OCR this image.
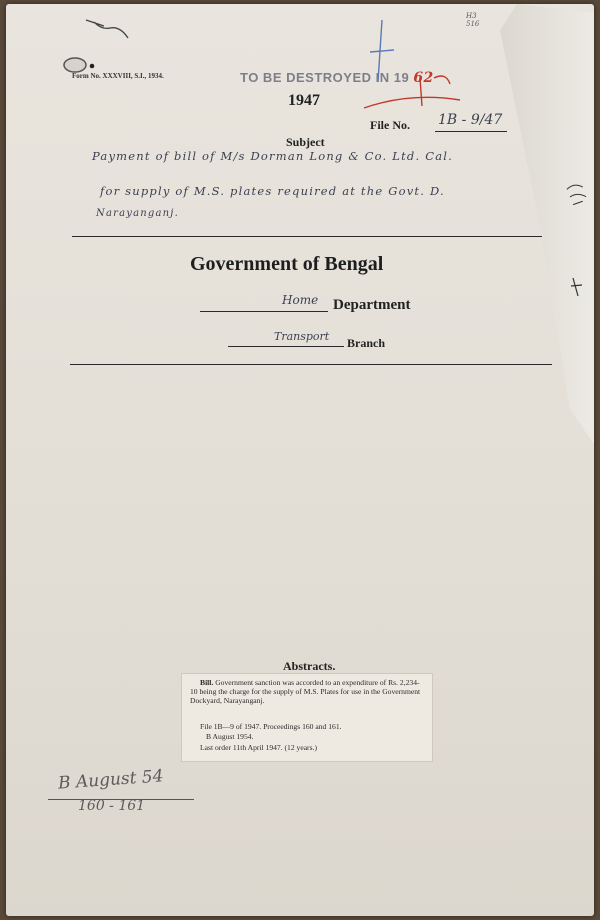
Form No. XXXVIII, S.I., 1934.	TO BE DESTROYED IN 19 62
H3
516
1947
File No. 1B - 9/47
Subject
Payment of bill of M/s Dorman Long & Co. Ltd. Cal.
for supply of M.S. plates required at the Govt. D.
Narayanganj.
Government of Bengal
Home Department
Transport Branch
Abstracts.

Bill. Government sanction was accorded to an expenditure of Rs. 2,234-10 being the charge for the supply of M.S. Plates for use in the Government Dockyard, Narayanganj.

File 1B—9 of 1947. Proceedings 160 and 161.

B August 1954.

Last order 11th April 1947. (12 years.)

B August 54
160 - 161
